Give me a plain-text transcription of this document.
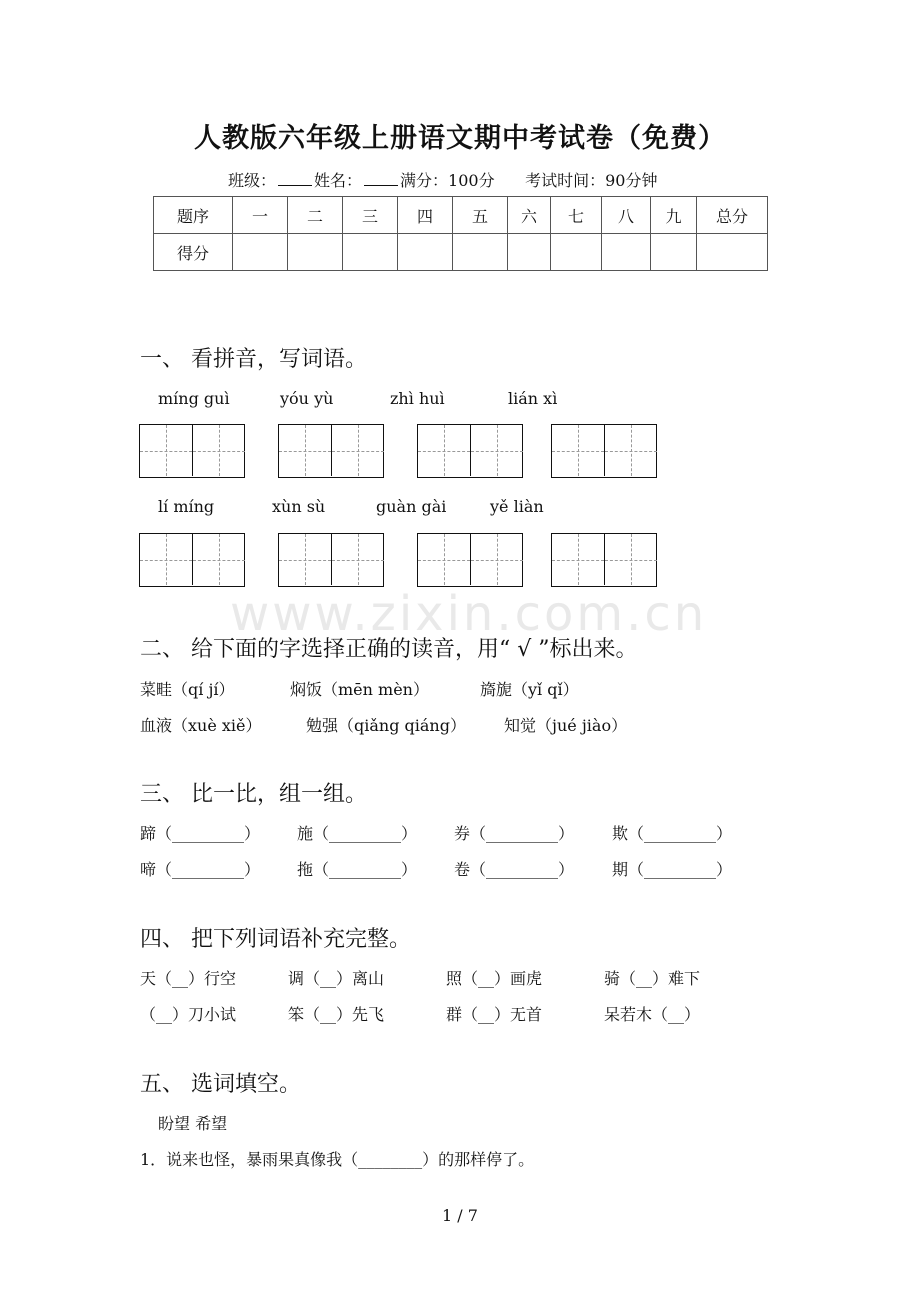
www.zixin.com.cn
人教版六年级上册语文期中考试卷（免费）
班级： 姓名： 满分：100分 考试时间：90分钟
题序	一	二	三	四	五	六	七	八	九	总分
得分										
一、 看拼音，写词语。
míng guì	yóu yù	zhì huì	lián xì
lí míng	xùn sù	guàn gài	yě liàn
二、 给下面的字选择正确的读音，用“ √ ”标出来。
菜畦（qí jí）	焖饭（mēn mèn）	旖旎（yǐ qǐ）
血液（xuè xiě）	勉强（qiǎng qiáng） 知觉（jué jiào）
三、 比一比，组一组。
蹄（_________） 施（_________） 券（_________） 欺（_________）
啼（_________） 拖（_________） 卷（_________） 期（_________）
四、 把下列词语补充完整。
天（__）行空	调（__）离山	照（__）画虎	骑（__）难下
（__）刀小试	笨（__）先飞	群（__）无首	呆若木（__）
五、 选词填空。
盼望 希望
1．说来也怪，暴雨果真像我（________）的那样停了。
1 / 7
